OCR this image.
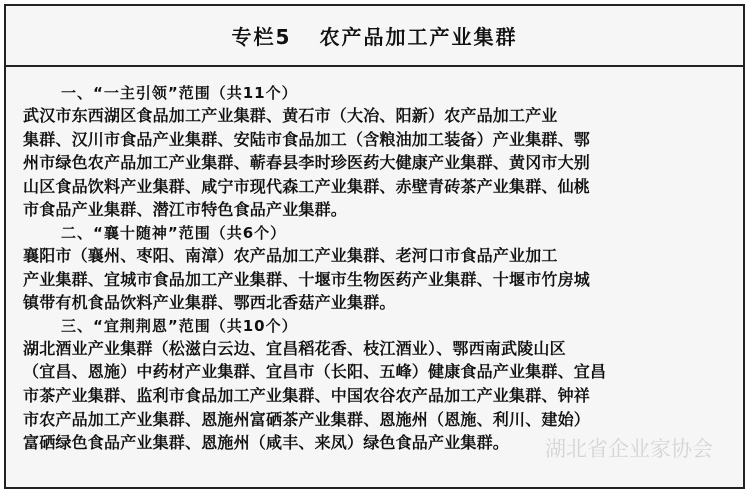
专栏5 农产品加工产业集群
一、“一主引领”范围（共11个）
武汉市东西湖区食品加工产业集群、黄石市（大冶、阳新）农产品加工产业
集群、汉川市食品产业集群、安陆市食品加工（含粮油加工装备）产业集群、鄂
州市绿色农产品加工产业集群、蕲春县李时珍医药大健康产业集群、黄冈市大别
山区食品饮料产业集群、咸宁市现代森工产业集群、赤壁青砖茶产业集群、仙桃
市食品产业集群、潜江市特色食品产业集群。
二、“襄十随神”范围（共6个）
襄阳市（襄州、枣阳、南漳）农产品加工产业集群、老河口市食品产业加工
产业集群、宜城市食品加工产业集群、十堰市生物医药产业集群、十堰市竹房城
镇带有机食品饮料产业集群、鄂西北香菇产业集群。
三、“宜荆荆恩”范围（共10个）
湖北酒业产业集群（松滋白云边、宜昌稻花香、枝江酒业）、鄂西南武陵山区
（宜昌、恩施）中药材产业集群、宜昌市（长阳、五峰）健康食品产业集群、宜昌
市茶产业集群、监利市食品加工产业集群、中国农谷农产品加工产业集群、钟祥
市农产品加工产业集群、恩施州富硒茶产业集群、恩施州（恩施、利川、建始）
富硒绿色食品产业集群、恩施州（咸丰、来凤）绿色食品产业集群。	湖北省企业家协会
